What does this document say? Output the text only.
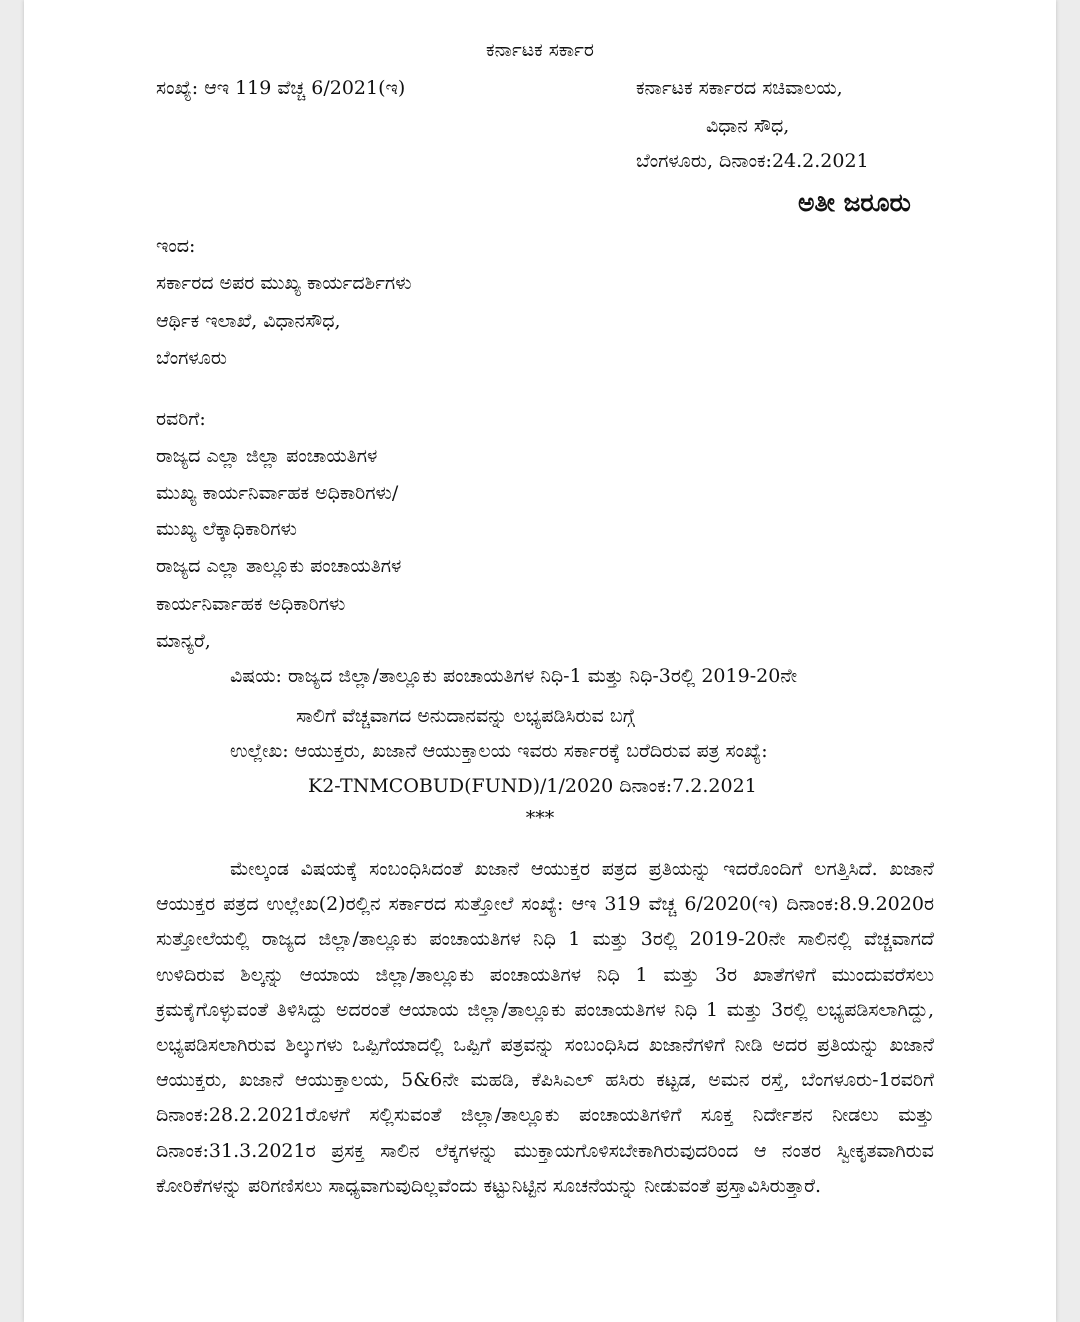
ಕರ್ನಾಟಕ ಸರ್ಕಾರ
ಸಂಖ್ಯೆ: ಆಇ 119 ವೆಚ್ಚ 6/2021(ಇ)	ಕರ್ನಾಟಕ ಸರ್ಕಾರದ ಸಚಿವಾಲಯ,
ವಿಧಾನ ಸೌಧ,
ಬೆಂಗಳೂರು, ದಿನಾಂಕ:24.2.2021
ಅತೀ ಜರೂರು
ಇಂದ:
ಸರ್ಕಾರದ ಅಪರ ಮುಖ್ಯ ಕಾರ್ಯದರ್ಶಿಗಳು
ಆರ್ಥಿಕ ಇಲಾಖೆ, ವಿಧಾನಸೌಧ,
ಬೆಂಗಳೂರು
ರವರಿಗೆ:
ರಾಜ್ಯದ ಎಲ್ಲಾ ಜಿಲ್ಲಾ ಪಂಚಾಯತಿಗಳ
ಮುಖ್ಯ ಕಾರ್ಯನಿರ್ವಾಹಕ ಅಧಿಕಾರಿಗಳು/
ಮುಖ್ಯ ಲೆಕ್ಕಾಧಿಕಾರಿಗಳು
ರಾಜ್ಯದ ಎಲ್ಲಾ ತಾಲ್ಲೂಕು ಪಂಚಾಯತಿಗಳ
ಕಾರ್ಯನಿರ್ವಾಹಕ ಅಧಿಕಾರಿಗಳು
ಮಾನ್ಯರೆ,
ವಿಷಯ: ರಾಜ್ಯದ ಜಿಲ್ಲಾ/ತಾಲ್ಲೂಕು ಪಂಚಾಯತಿಗಳ ನಿಧಿ-1 ಮತ್ತು ನಿಧಿ-3ರಲ್ಲಿ 2019-20ನೇ
ಸಾಲಿಗೆ ವೆಚ್ಚವಾಗದ ಅನುದಾನವನ್ನು ಲಭ್ಯಪಡಿಸಿರುವ ಬಗ್ಗೆ
ಉಲ್ಲೇಖ: ಆಯುಕ್ತರು, ಖಜಾನೆ ಆಯುಕ್ತಾಲಯ ಇವರು ಸರ್ಕಾರಕ್ಕೆ ಬರೆದಿರುವ ಪತ್ರ ಸಂಖ್ಯೆ:
K2-TNMCOBUD(FUND)/1/2020 ದಿನಾಂಕ:7.2.2021
***

ಮೇಲ್ಕಂಡ ವಿಷಯಕ್ಕೆ ಸಂಬಂಧಿಸಿದಂತೆ ಖಜಾನೆ ಆಯುಕ್ತರ ಪತ್ರದ ಪ್ರತಿಯನ್ನು ಇದರೊಂದಿಗೆ ಲಗತ್ತಿಸಿದೆ. ಖಜಾನೆ ಆಯುಕ್ತರ ಪತ್ರದ ಉಲ್ಲೇಖ(2)ರಲ್ಲಿನ ಸರ್ಕಾರದ ಸುತ್ತೋಲೆ ಸಂಖ್ಯೆ: ಆಇ 319 ವೆಚ್ಚ 6/2020(ಇ) ದಿನಾಂಕ:8.9.2020ರ ಸುತ್ತೋಲೆಯಲ್ಲಿ ರಾಜ್ಯದ ಜಿಲ್ಲಾ/ತಾಲ್ಲೂಕು ಪಂಚಾಯತಿಗಳ ನಿಧಿ 1 ಮತ್ತು 3ರಲ್ಲಿ 2019-20ನೇ ಸಾಲಿನಲ್ಲಿ ವೆಚ್ಚವಾಗದೆ ಉಳಿದಿರುವ ಶಿಲ್ಕನ್ನು ಆಯಾಯ ಜಿಲ್ಲಾ/ತಾಲ್ಲೂಕು ಪಂಚಾಯತಿಗಳ ನಿಧಿ 1 ಮತ್ತು 3ರ ಖಾತೆಗಳಿಗೆ ಮುಂದುವರೆಸಲು ಕ್ರಮಕೈಗೊಳ್ಳುವಂತೆ ತಿಳಿಸಿದ್ದು ಅದರಂತೆ ಆಯಾಯ ಜಿಲ್ಲಾ/ತಾಲ್ಲೂಕು ಪಂಚಾಯತಿಗಳ ನಿಧಿ 1 ಮತ್ತು 3ರಲ್ಲಿ ಲಭ್ಯಪಡಿಸಲಾಗಿದ್ದು, ಲಭ್ಯಪಡಿಸಲಾಗಿರುವ ಶಿಲ್ಕುಗಳು ಒಪ್ಪಿಗೆಯಾದಲ್ಲಿ ಒಪ್ಪಿಗೆ ಪತ್ರವನ್ನು ಸಂಬಂಧಿಸಿದ ಖಜಾನೆಗಳಿಗೆ ನೀಡಿ ಅದರ ಪ್ರತಿಯನ್ನು ಖಜಾನೆ ಆಯುಕ್ತರು, ಖಜಾನೆ ಆಯುಕ್ತಾಲಯ, 5&6ನೇ ಮಹಡಿ, ಕೆಪಿಸಿಎಲ್ ಹಸಿರು ಕಟ್ಟಡ, ಅಮನ ರಸ್ತೆ, ಬೆಂಗಳೂರು-1ರವರಿಗೆ ದಿನಾಂಕ:28.2.2021ರೊಳಗೆ ಸಲ್ಲಿಸುವಂತೆ ಜಿಲ್ಲಾ/ತಾಲ್ಲೂಕು ಪಂಚಾಯತಿಗಳಿಗೆ ಸೂಕ್ತ ನಿರ್ದೇಶನ ನೀಡಲು ಮತ್ತು ದಿನಾಂಕ:31.3.2021ರ ಪ್ರಸಕ್ತ ಸಾಲಿನ ಲೆಕ್ಕಗಳನ್ನು ಮುಕ್ತಾಯಗೊಳಿಸಬೇಕಾಗಿರುವುದರಿಂದ ಆ ನಂತರ ಸ್ವೀಕೃತವಾಗಿರುವ ಕೋರಿಕೆಗಳನ್ನು ಪರಿಗಣಿಸಲು ಸಾಧ್ಯವಾಗುವುದಿಲ್ಲವೆಂದು ಕಟ್ಟುನಿಟ್ಟಿನ ಸೂಚನೆಯನ್ನು ನೀಡುವಂತೆ ಪ್ರಸ್ತಾವಿಸಿರುತ್ತಾರೆ.
